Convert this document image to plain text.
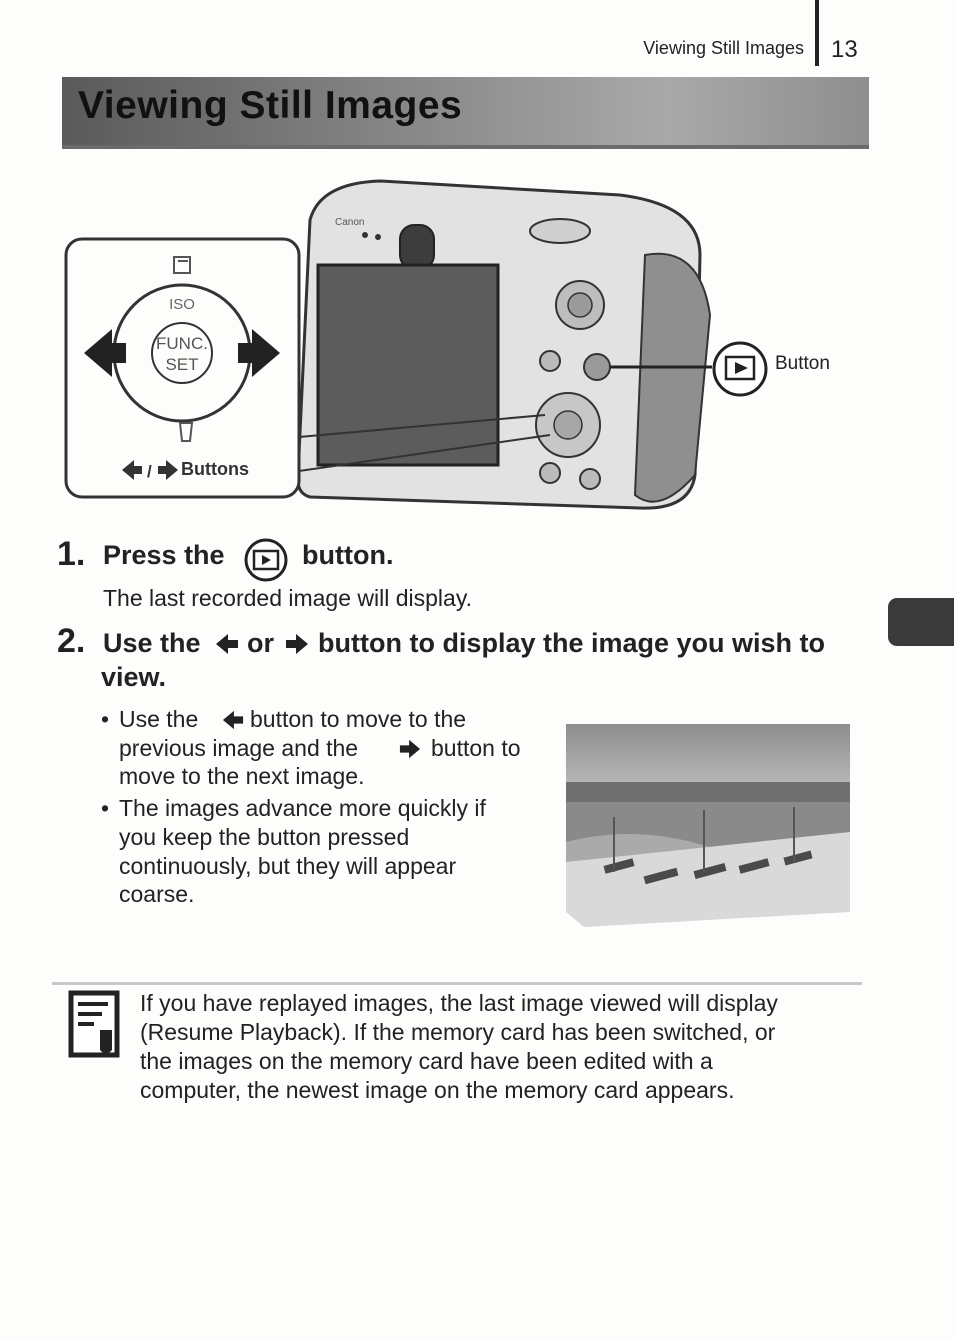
Viewing Still Images 13
Viewing Still Images
Canon
FUNC.
SET
ISO
/
Button
Buttons
1. Press the	button.
The last recorded image will display.
2. Use the or button to display the image you wish to
view.
• Use the button to move to the
previous image and the	button to
move to the next image.
• The images advance more quickly if
you keep the button pressed
continuously, but they will appear
coarse.
If you have replayed images, the last image viewed will display
(Resume Playback). If the memory card has been switched, or
the images on the memory card have been edited with a
computer, the newest image on the memory card appears.
